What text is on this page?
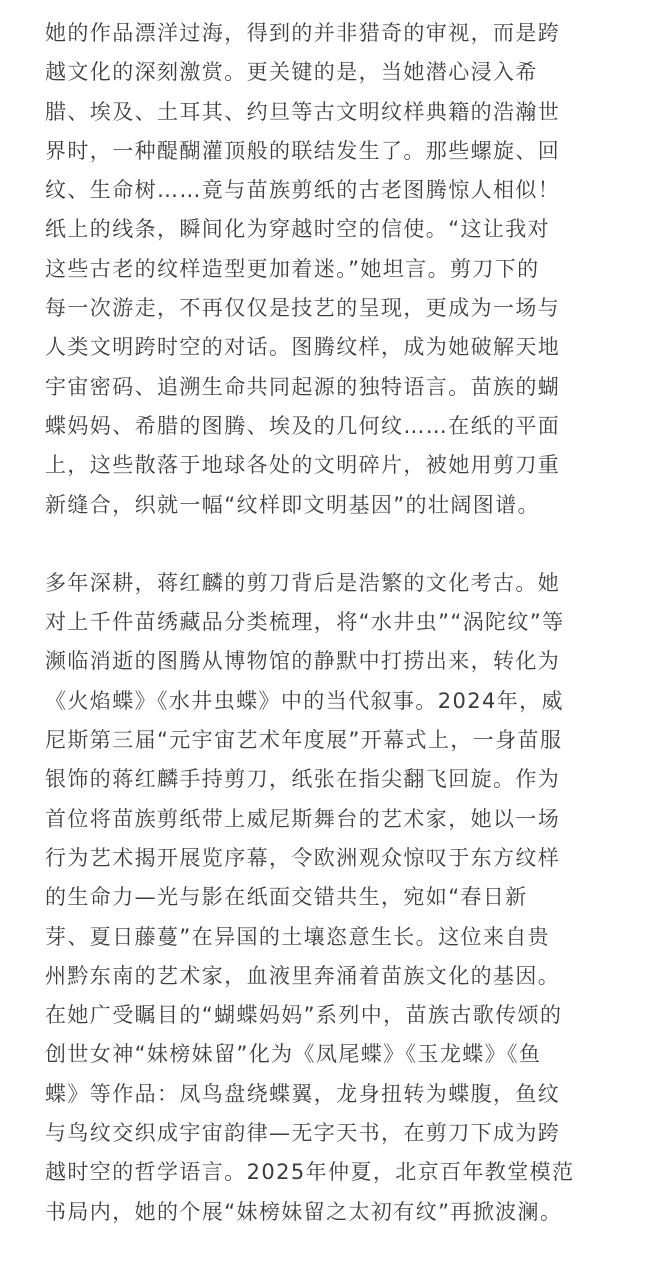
她的作品漂洋过海，得到的并非猎奇的审视，而是跨
越文化的深刻激赏。更关键的是，当她潜心浸入希
腊、埃及、土耳其、约旦等古文明纹样典籍的浩瀚世
界时，一种醍醐灌顶般的联结发生了。那些螺旋、回
纹、生命树……竟与苗族剪纸的古老图腾惊人相似！
纸上的线条，瞬间化为穿越时空的信使。“这让我对
这些古老的纹样造型更加着迷。”她坦言。剪刀下的
每一次游走，不再仅仅是技艺的呈现，更成为一场与
人类文明跨时空的对话。图腾纹样，成为她破解天地
宇宙密码、追溯生命共同起源的独特语言。苗族的蝴
蝶妈妈、希腊的图腾、埃及的几何纹……在纸的平面
上，这些散落于地球各处的文明碎片，被她用剪刀重
新缝合，织就一幅“纹样即文明基因”的壮阔图谱。

多年深耕，蒋红麟的剪刀背后是浩繁的文化考古。她
对上千件苗绣藏品分类梳理，将“水井虫”“涡陀纹”等
濒临消逝的图腾从博物馆的静默中打捞出来，转化为
《火焰蝶》《水井虫蝶》中的当代叙事。2024年，威
尼斯第三届“元宇宙艺术年度展”开幕式上，一身苗服
银饰的蒋红麟手持剪刀，纸张在指尖翻飞回旋。作为
首位将苗族剪纸带上威尼斯舞台的艺术家，她以一场
行为艺术揭开展览序幕，令欧洲观众惊叹于东方纹样
的生命力—光与影在纸面交错共生，宛如“春日新
芽、夏日藤蔓”在异国的土壤恣意生长。这位来自贵
州黔东南的艺术家，血液里奔涌着苗族文化的基因。
在她广受瞩目的“蝴蝶妈妈”系列中，苗族古歌传颂的
创世女神“妹榜妹留”化为《凤尾蝶》《玉龙蝶》《鱼
蝶》等作品：凤鸟盘绕蝶翼，龙身扭转为蝶腹，鱼纹
与鸟纹交织成宇宙韵律—无字天书，在剪刀下成为跨
越时空的哲学语言。2025年仲夏，北京百年教堂模范
书局内，她的个展“妹榜妹留之太初有纹”再掀波澜。
